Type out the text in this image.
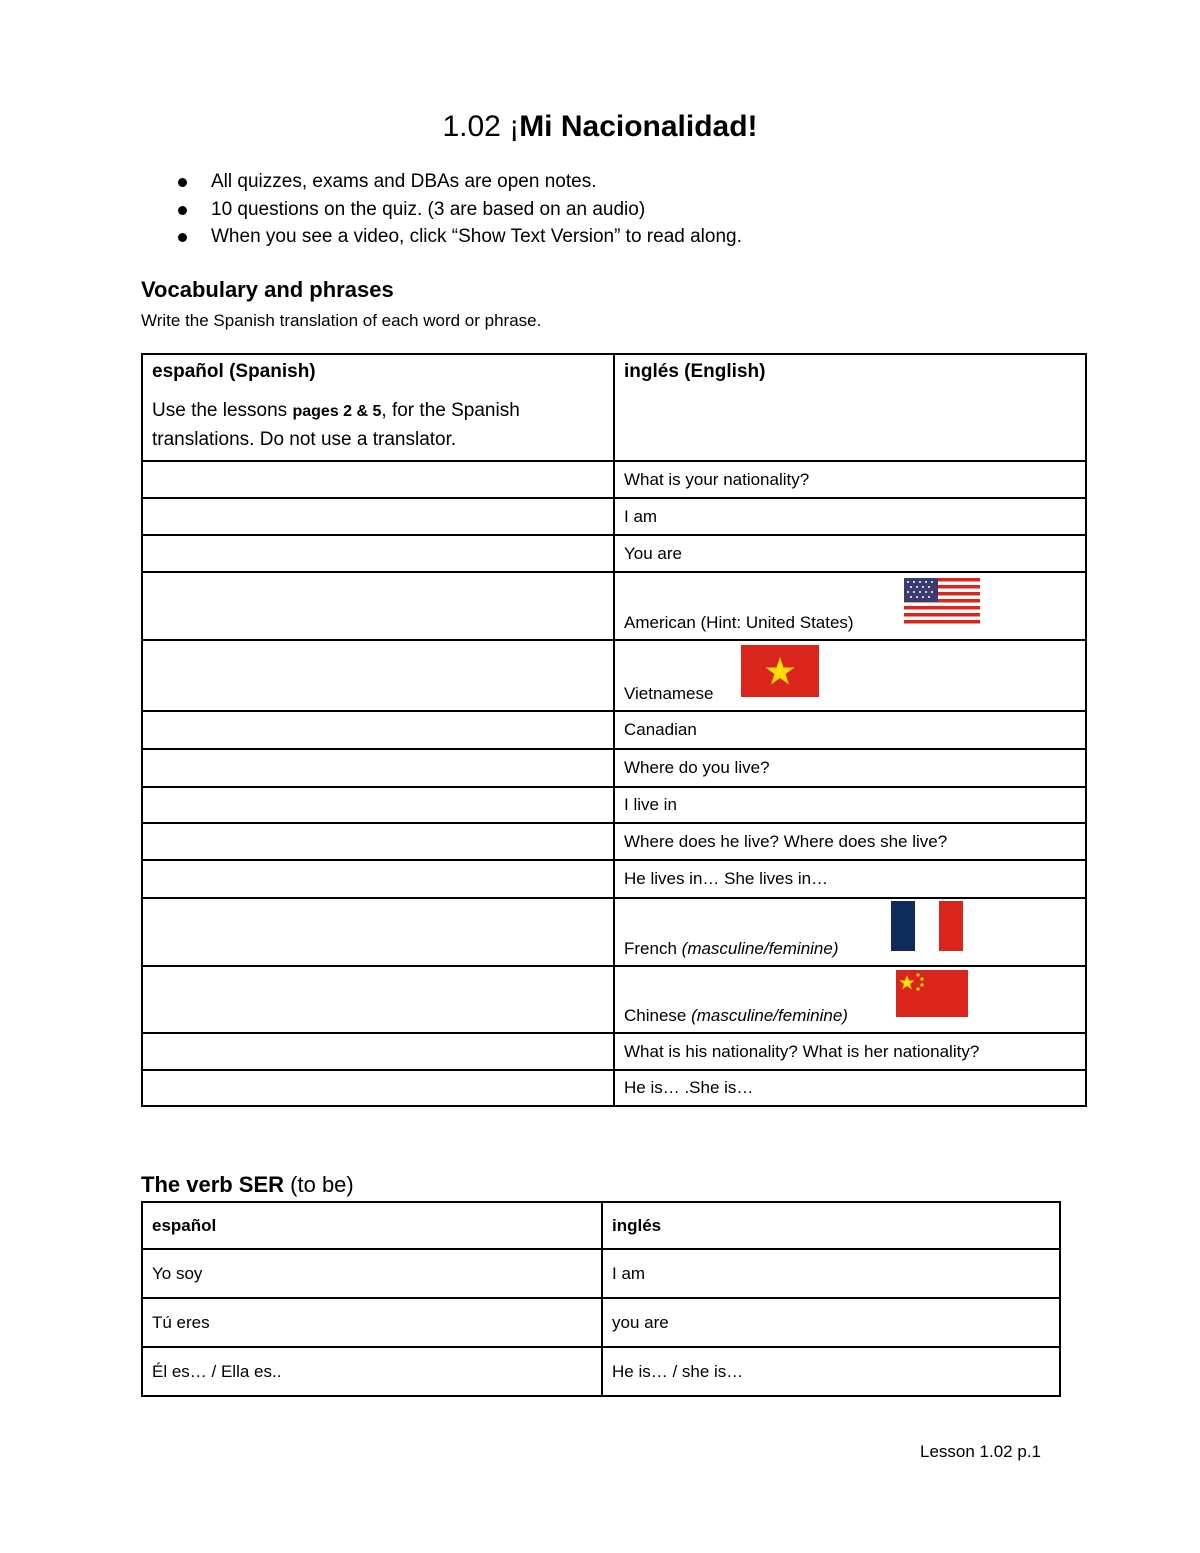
1.02 ¡Mi Nacionalidad!
All quizzes, exams and DBAs are open notes.
10 questions on the quiz. (3 are based on an audio)
When you see a video, click “Show Text Version” to read along.
Vocabulary and phrases
Write the Spanish translation of each word or phrase.
español (Spanish)
Use the lessons pages 2 & 5, for the Spanish translations. Do not use a translator.	inglés (English)

	What is your nationality?
	I am
	You are

	American (Hint: United States)

	Vietnamese

	Canadian
	Where do you live?
	I live in
	Where does he live? Where does she live?
	He lives in… She lives in…

	French (masculine/feminine)

	Chinese (masculine/feminine)

	What is his nationality? What is her nationality?
	He is… .She is…
The verb SER (to be)
español	inglés
Yo soy	I am
Tú eres	you are
Él es… / Ella es..	He is… / she is…
Lesson 1.02 p.1
